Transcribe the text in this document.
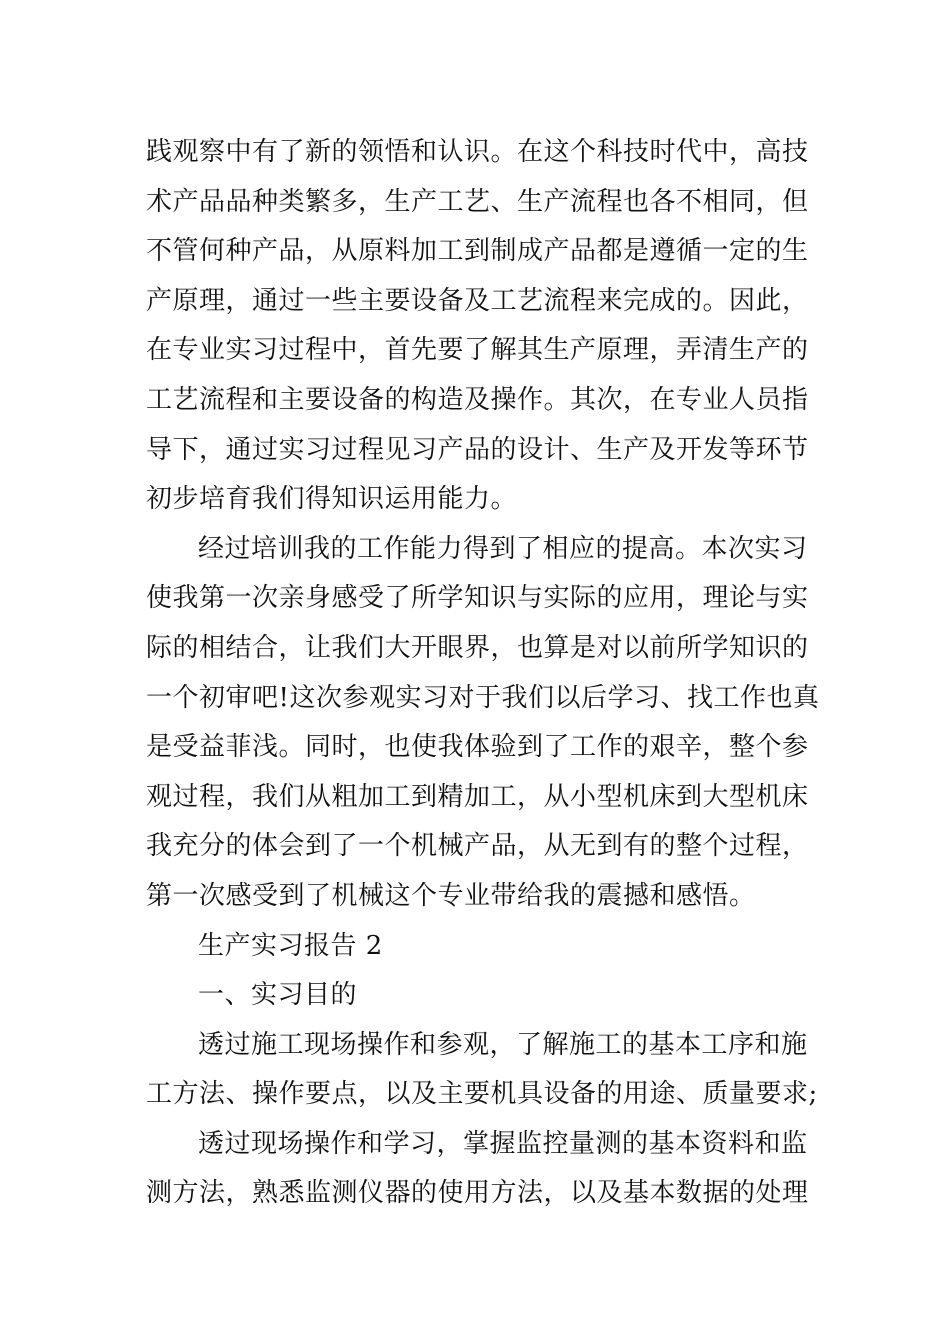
践观察中有了新的领悟和认识。在这个科技时代中，高技
术产品品种类繁多，生产工艺、生产流程也各不相同，但
不管何种产品，从原料加工到制成产品都是遵循一定的生
产原理，通过一些主要设备及工艺流程来完成的。因此，
在专业实习过程中，首先要了解其生产原理，弄清生产的
工艺流程和主要设备的构造及操作。其次，在专业人员指
导下，通过实习过程见习产品的设计、生产及开发等环节
初步培育我们得知识运用能力。
经过培训我的工作能力得到了相应的提高。本次实习
使我第一次亲身感受了所学知识与实际的应用，理论与实
际的相结合，让我们大开眼界，也算是对以前所学知识的
一个初审吧!这次参观实习对于我们以后学习、找工作也真
是受益菲浅。同时，也使我体验到了工作的艰辛，整个参
观过程，我们从粗加工到精加工，从小型机床到大型机床
我充分的体会到了一个机械产品，从无到有的整个过程，
第一次感受到了机械这个专业带给我的震撼和感悟。
生产实习报告 2
一、实习目的
透过施工现场操作和参观，了解施工的基本工序和施
工方法、操作要点，以及主要机具设备的用途、质量要求;
透过现场操作和学习，掌握监控量测的基本资料和监
测方法，熟悉监测仪器的使用方法，以及基本数据的处理
